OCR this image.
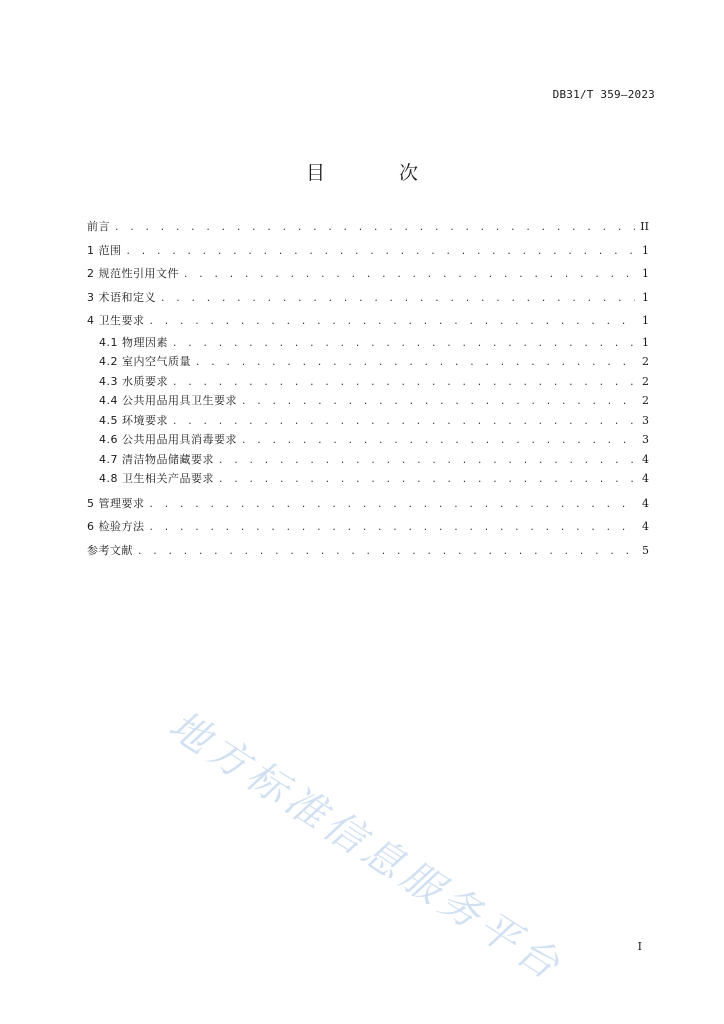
DB31/T 359—2023
目 次
前言 . . .	II
1 范围 . . .	1
2 规范性引用文件 . . .	1
3 术语和定义 . . .	1
4 卫生要求 . . .	1
4.1 物理因素 . . .	1
4.2 室内空气质量 . . .	2
4.3 水质要求 . . .	2
4.4 公共用品用具卫生要求 . . .	2
4.5 环境要求 . . .	3
4.6 公共用品用具消毒要求 . . .	3
4.7 清洁物品储藏要求 . . .	4
4.8 卫生相关产品要求 . . .	4
5 管理要求 . . .	4
6 检验方法 . . .	4
参考文献 . . .	5
地方标准信息服务平台	I
